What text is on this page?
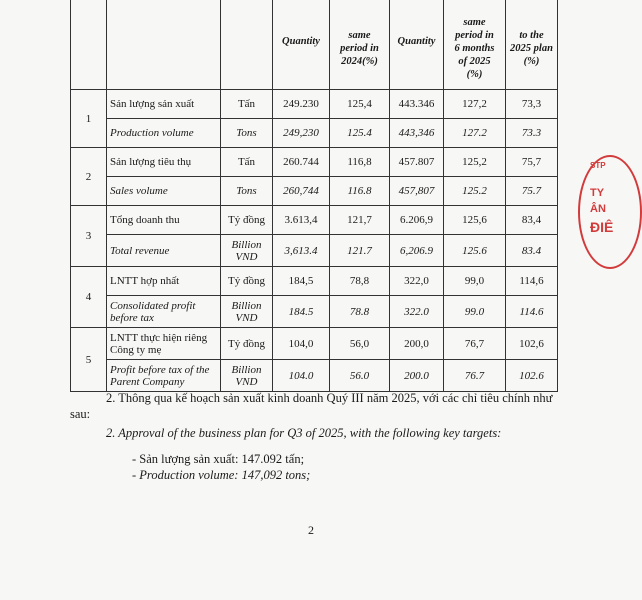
			Quantity	same
period in
2024(%)	Quantity	same
period in
6 months
of 2025
(%)	to the
2025 plan
(%)
1	Sản lượng sản xuất	Tấn	249.230	125,4	443.346	127,2	73,3
	Production volume	Tons	249,230	125.4	443,346	127.2	73.3
2	Sản lượng tiêu thụ	Tấn	260.744	116,8	457.807	125,2	75,7
	Sales volume	Tons	260,744	116.8	457,807	125.2	75.7
3	Tổng doanh thu	Tỷ đồng	3.613,4	121,7	6.206,9	125,6	83,4
	Total revenue	Billion VND	3,613.4	121.7	6,206.9	125.6	83.4
4	LNTT hợp nhất	Tỷ đồng	184,5	78,8	322,0	99,0	114,6
	Consolidated profit before tax	Billion VND	184.5	78.8	322.0	99.0	114.6
5	LNTT thực hiện riêng Công ty mẹ	Tỷ đồng	104,0	56,0	200,0	76,7	102,6
	Profit before tax of the Parent Company	Billion VND	104.0	56.0	200.0	76.7	102.6
2. Thông qua kế hoạch sản xuất kinh doanh Quý III năm 2025, với các chỉ tiêu chính như sau:
2. Approval of the business plan for Q3 of 2025, with the following key targets:
- Sản lượng sản xuất: 147.092 tấn;
- Production volume: 147,092 tons;
STP
TY
ÂN
ĐIÊ
2
